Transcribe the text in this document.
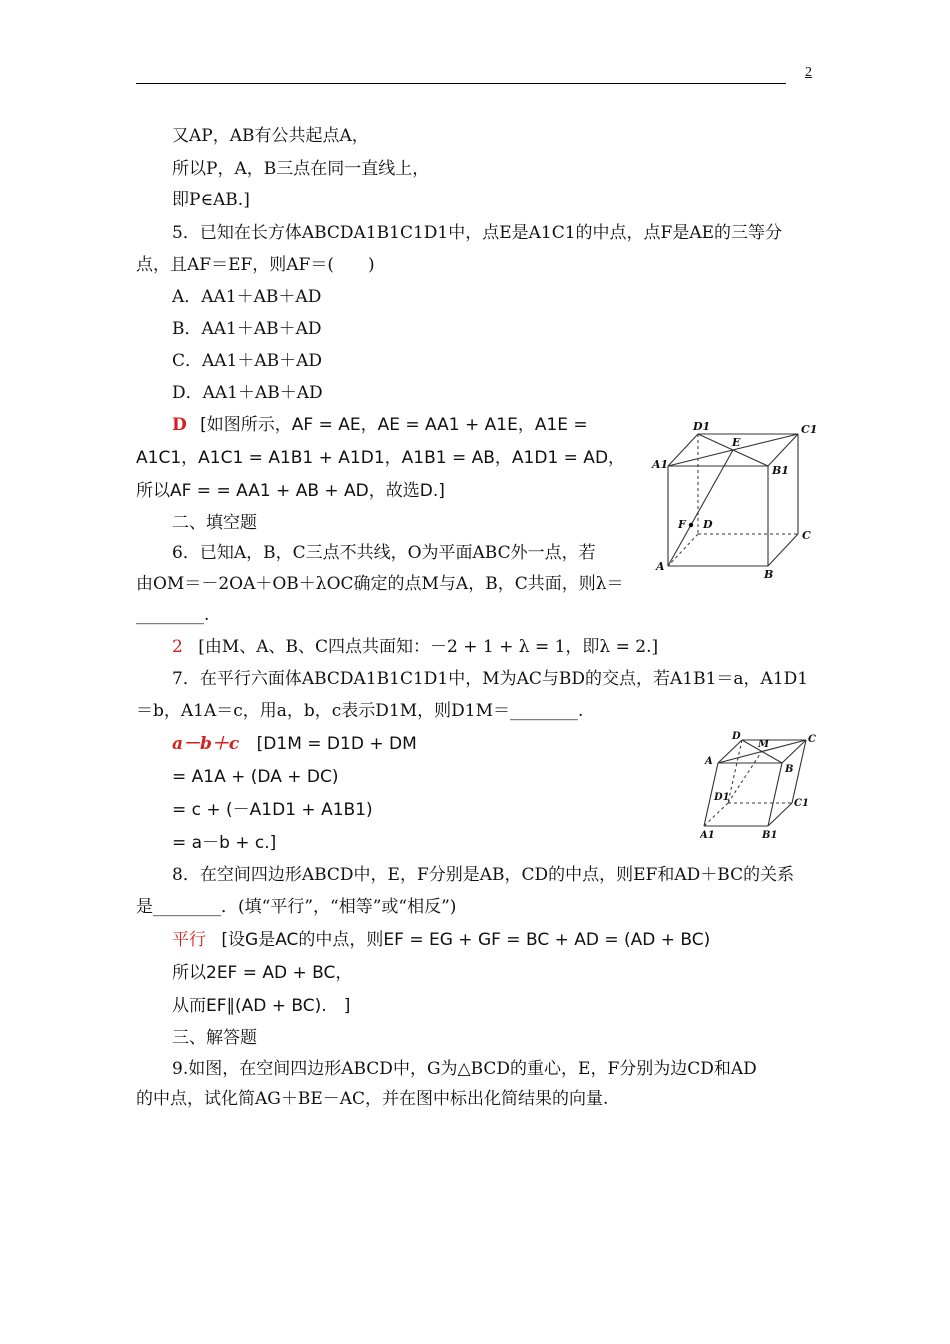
2
又AP，AB有公共起点A，
所以P，A，B三点在同一直线上，
即P∈AB.]
5．已知在长方体ABCDA1B1C1D1中，点E是A1C1的中点，点F是AE的三等分
点，且AF＝EF，则AF＝(　　)
A．AA1＋AB＋AD
B．AA1＋AB＋AD
C．AA1＋AB＋AD
D．AA1＋AB＋AD
D [如图所示，AF = AE，AE = AA1 + A1E，A1E =
A1C1，A1C1 = A1B1 + A1D1，A1B1 = AB，A1D1 = AD，
所以AF = = AA1 + AB + AD，故选D.]
二、填空题
6．已知A，B，C三点不共线，O为平面ABC外一点，若
由OM＝－2OA＋OB＋λOC确定的点M与A，B，C共面，则λ＝
________.
2 [由M、A、B、C四点共面知：－2 + 1 + λ = 1，即λ = 2.]
7．在平行六面体ABCDA1B1C1D1中，M为AC与BD的交点，若A1B1＝a，A1D1
＝b，A1A＝c，用a，b，c表示D1M，则D1M＝________.
a－b＋c [D1M = D1D + DM
= A1A + (DA + DC)
= c + (－A1D1 + A1B1)
= a－b + c.]
8．在空间四边形ABCD中，E，F分别是AB，CD的中点，则EF和AD＋BC的关系
是________．(填“平行”，“相等”或“相反”)
平行 [设G是AC的中点，则EF = EG + GF = BC + AD = (AD + BC)
所以2EF = AD + BC，
从而EF∥(AD + BC).　]
三、解答题
9.如图，在空间四边形ABCD中，G为△BCD的重心，E，F分别为边CD和AD
的中点，试化简AG＋BE－AC，并在图中标出化简结果的向量.
D1	C1
E
A1	B1
F D
C
A
B
D
M	C
A
B
D1
C1
A1	B1
